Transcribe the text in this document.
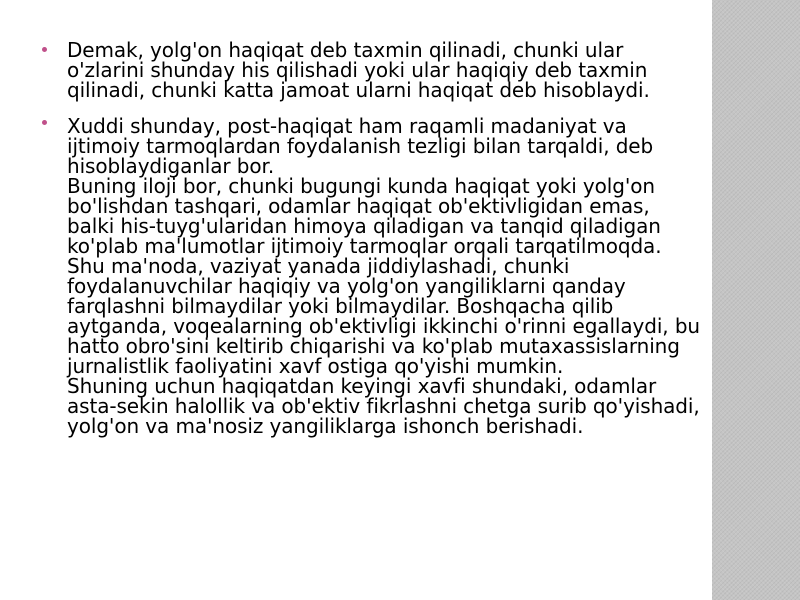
Demak, yolg'on haqiqat deb taxmin qilinadi, chunki ular o'zlarini shunday his qilishadi yoki ular haqiqiy deb taxmin qilinadi, chunki katta jamoat ularni haqiqat deb hisoblaydi.

Xuddi shunday, post-haqiqat ham raqamli madaniyat va ijtimoiy tarmoqlardan foydalanish tezligi bilan tarqaldi, deb hisoblaydiganlar bor.

Buning iloji bor, chunki bugungi kunda haqiqat yoki yolg'on bo'lishdan tashqari, odamlar haqiqat ob'ektivligidan emas, balki his-tuyg'ularidan himoya qiladigan va tanqid qiladigan ko'plab ma'lumotlar ijtimoiy tarmoqlar orqali tarqatilmoqda. Shu ma'noda, vaziyat yanada jiddiylashadi, chunki foydalanuvchilar haqiqiy va yolg'on yangiliklarni qanday farqlashni bilmaydilar yoki bilmaydilar. Boshqacha qilib aytganda, voqealarning ob'ektivligi ikkinchi o'rinni egallaydi, bu hatto obro'sini keltirib chiqarishi va ko'plab mutaxassislarning jurnalistlik faoliyatini xavf ostiga qo'yishi mumkin.

Shuning uchun haqiqatdan keyingi xavfi shundaki, odamlar asta-sekin halollik va ob'ektiv fikrlashni chetga surib qo'yishadi, yolg'on va ma'nosiz yangiliklarga ishonch berishadi.
